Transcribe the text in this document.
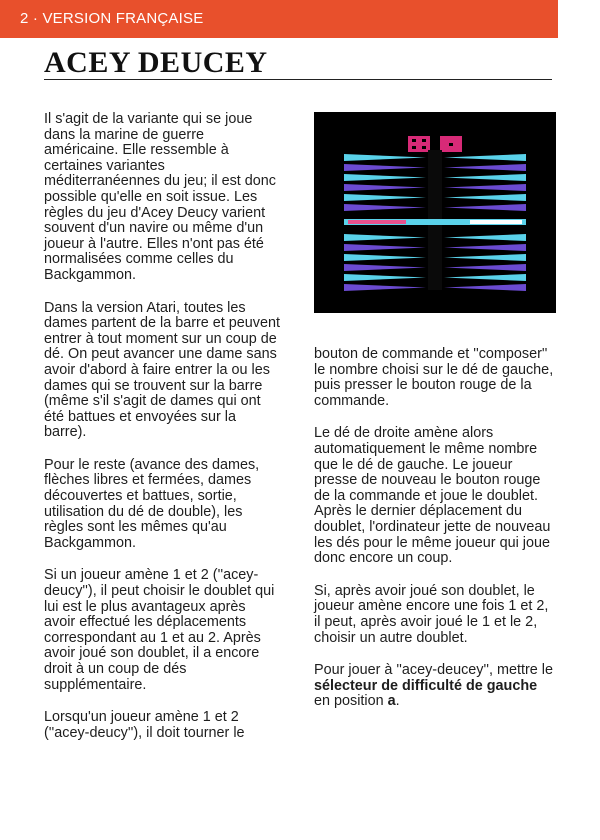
2 · VERSION FRANÇAISE
ACEY DEUCEY

Il s'agit de la variante qui se joue dans la marine de guerre américaine. Elle ressemble à certaines variantes méditerranéennes du jeu; il est donc possible qu'elle en soit issue. Les règles du jeu d'Acey Deucy varient souvent d'un navire ou même d'un joueur à l'autre. Elles n'ont pas été normalisées comme celles du Backgammon.

Dans la version Atari, toutes les dames partent de la barre et peuvent entrer à tout moment sur un coup de dé. On peut avancer une dame sans avoir d'abord à faire entrer la ou les dames qui se trouvent sur la barre (même s'il s'agit de dames qui ont été battues et envoyées sur la barre).

Pour le reste (avance des dames, flèches libres et fermées, dames découvertes et battues, sortie, utilisation du dé de double), les règles sont les mêmes qu'au Backgammon.

Si un joueur amène 1 et 2 (''acey-deucy''), il peut choisir le doublet qui lui est le plus avantageux après avoir effectué les déplacements correspondant au 1 et au 2. Après avoir joué son doublet, il a encore droit à un coup de dés supplémentaire.

Lorsqu'un joueur amène 1 et 2 (''acey-deucy''), il doit tourner le

bouton de commande et ''composer'' le nombre choisi sur le dé de gauche, puis presser le bouton rouge de la commande.

Le dé de droite amène alors automatiquement le même nombre que le dé de gauche. Le joueur presse de nouveau le bouton rouge de la commande et joue le doublet. Après le dernier déplacement du doublet, l'ordinateur jette de nouveau les dés pour le même joueur qui joue donc encore un coup.

Si, après avoir joué son doublet, le joueur amène encore une fois 1 et 2, il peut, après avoir joué le 1 et le 2, choisir un autre doublet.

Pour jouer à ''acey-deucey'', mettre le sélecteur de difficulté de gauche en position a.
